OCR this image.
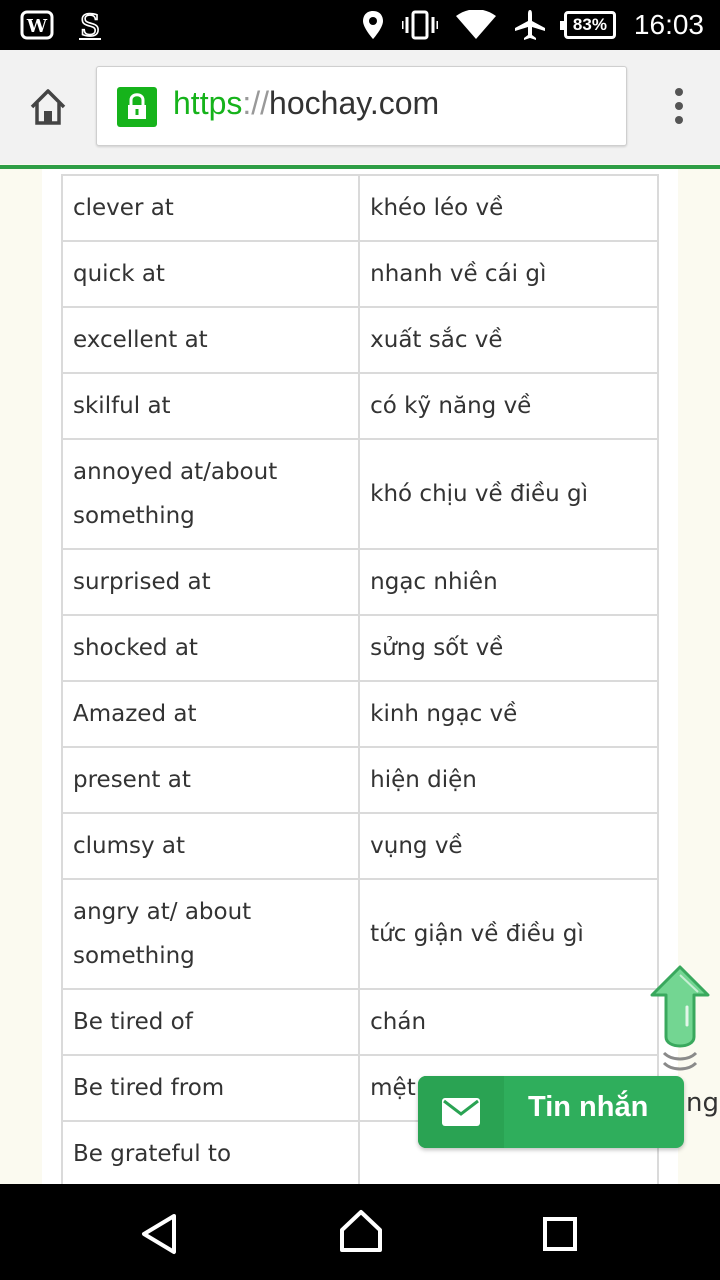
W S	83% 16:03
https://hochay.com
clever at	khéo léo về
quick at	nhanh về cái gì
excellent at	xuất sắc về
skilful at	có kỹ năng về
annoyed at/about something	khó chịu về điều gì
surprised at	ngạc nhiên
shocked at	sửng sốt về
Amazed at	kinh ngạc về
present at	hiện diện
clumsy at	vụng về
angry at/ about something	tức giận về điều gì
Be tired of	chán
Be tired from	mệt
Be grateful to	
ng
Tin nhắn
